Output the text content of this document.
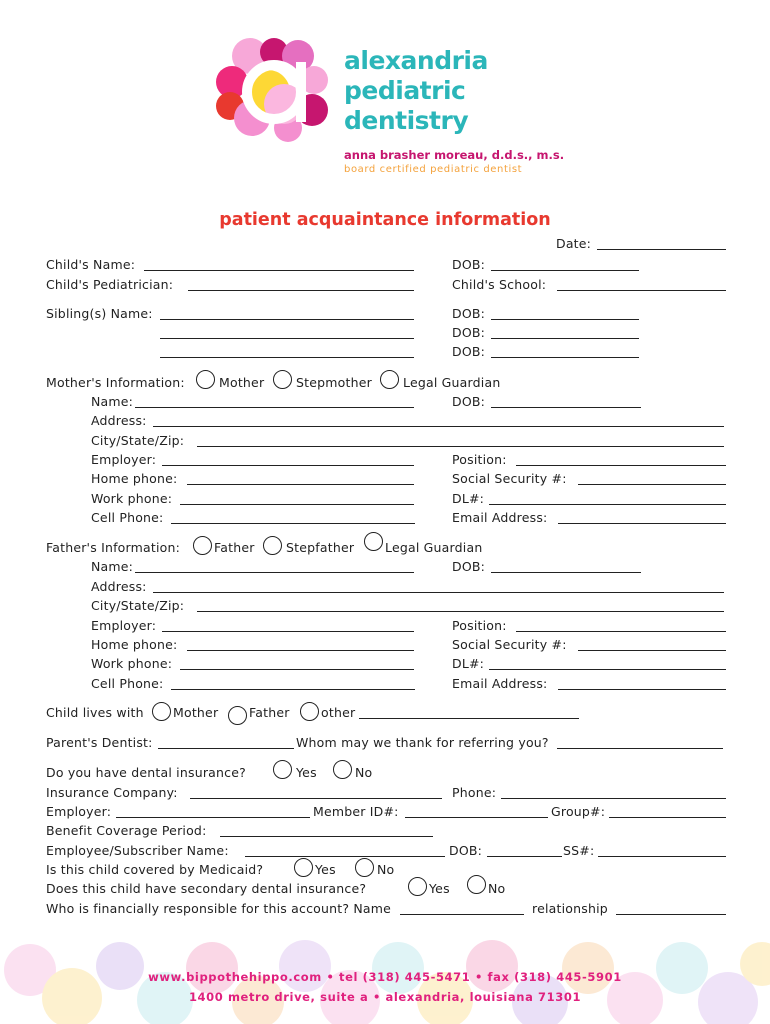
alexandria
pediatric
dentistry
anna brasher moreau, d.d.s., m.s.
board certified pediatric dentist
patient acquaintance information
Date:
Child's Name:	DOB:
Child's Pediatrician:	Child's School:
Sibling(s) Name:	DOB:
DOB:
DOB:
Mother's Information:	Mother	Stepmother Legal Guardian
Name:	DOB:
Address:
City/State/Zip:
Employer:	Position:
Home phone:	Social Security #:
Work phone:	DL#:
Cell Phone:	Email Address:
Father's Information:	Father	Stepfather Legal Guardian
Name:	DOB:
Address:
City/State/Zip:
Employer:	Position:
Home phone:	Social Security #:
Work phone:	DL#:
Cell Phone:	Email Address:
Child lives with Mother Father	other
Parent's Dentist:	Whom may we thank for referring you?
Do you have dental insurance?	Yes	No
Insurance Company:	Phone:
Employer:	Member ID#:	Group#:
Benefit Coverage Period:
Employee/Subscriber Name:	DOB:	SS#:
Is this child covered by Medicaid?	Yes	No
Does this child have secondary dental insurance?	Yes	No
Who is financially responsible for this account? Name	relationship
www.bippothehippo.com • tel (318) 445-5471 • fax (318) 445-5901
1400 metro drive, suite a • alexandria, louisiana 71301
